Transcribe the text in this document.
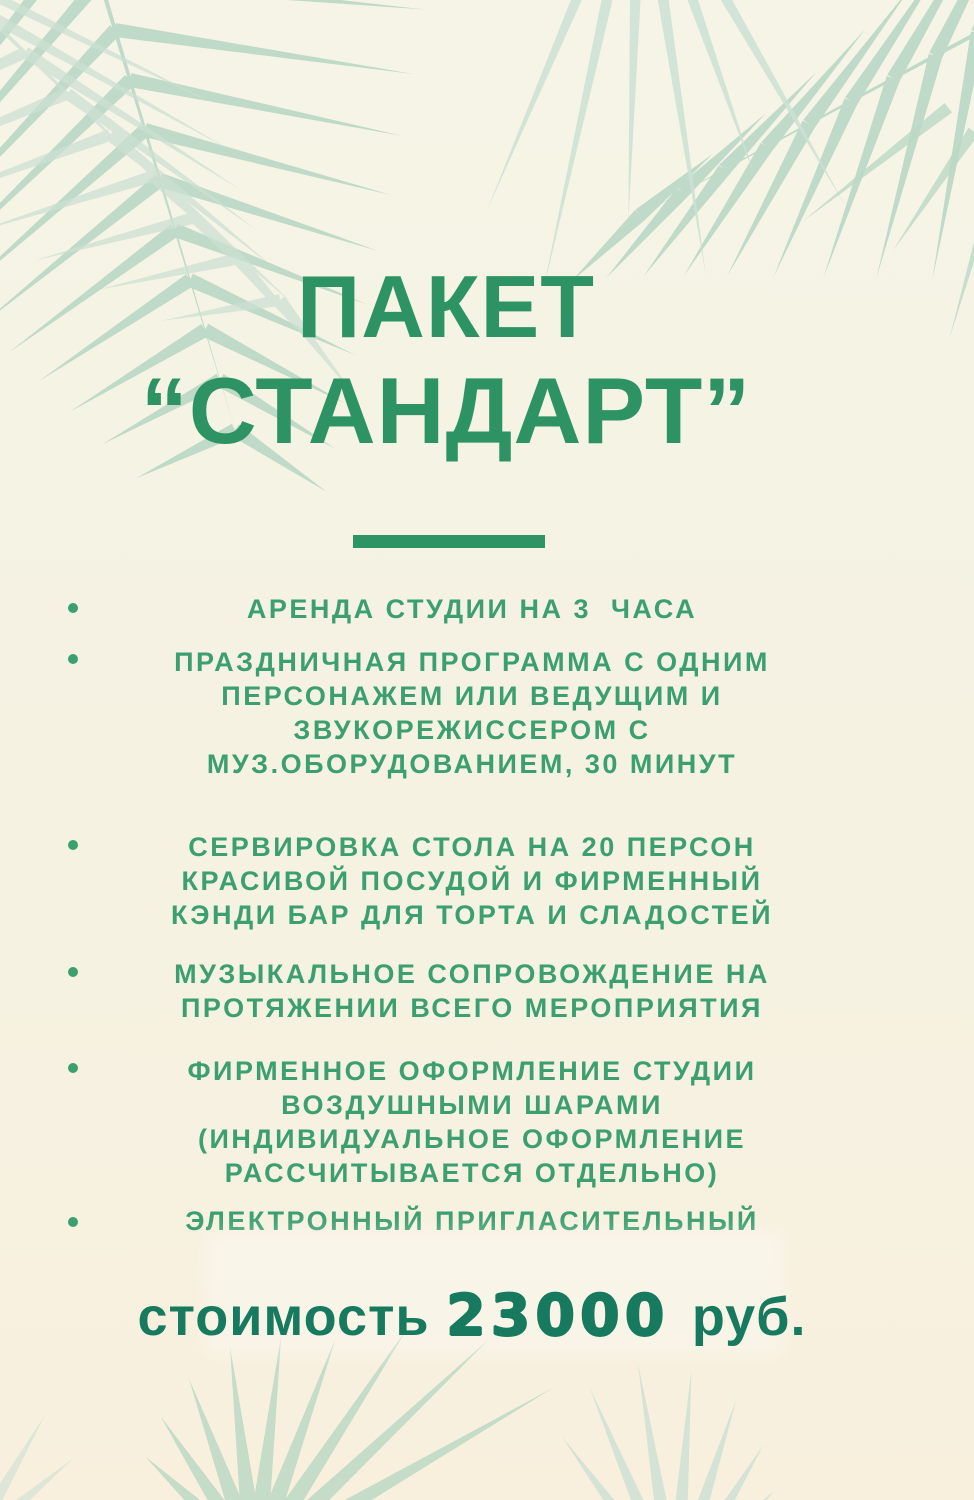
ПАКЕТ
“СТАНДАРТ”
АРЕНДА СТУДИИ НА 3  ЧАСА
ПРАЗДНИЧНАЯ ПРОГРАММА С ОДНИМ
ПЕРСОНАЖЕМ ИЛИ ВЕДУЩИМ И
ЗВУКОРЕЖИССЕРОМ С
МУЗ.ОБОРУДОВАНИЕМ, 30 МИНУТ
СЕРВИРОВКА СТОЛА НА 20 ПЕРСОН
КРАСИВОЙ ПОСУДОЙ И ФИРМЕННЫЙ
КЭНДИ БАР ДЛЯ ТОРТА И СЛАДОСТЕЙ
МУЗЫКАЛЬНОЕ СОПРОВОЖДЕНИЕ НА
ПРОТЯЖЕНИИ ВСЕГО МЕРОПРИЯТИЯ
ФИРМЕННОЕ ОФОРМЛЕНИЕ СТУДИИ
ВОЗДУШНЫМИ ШАРАМИ
(ИНДИВИДУАЛЬНОЕ ОФОРМЛЕНИЕ
РАССЧИТЫВАЕТСЯ ОТДЕЛЬНО)
ЭЛЕКТРОННЫЙ ПРИГЛАСИТЕЛЬНЫЙ
стоимость 23000 руб.
